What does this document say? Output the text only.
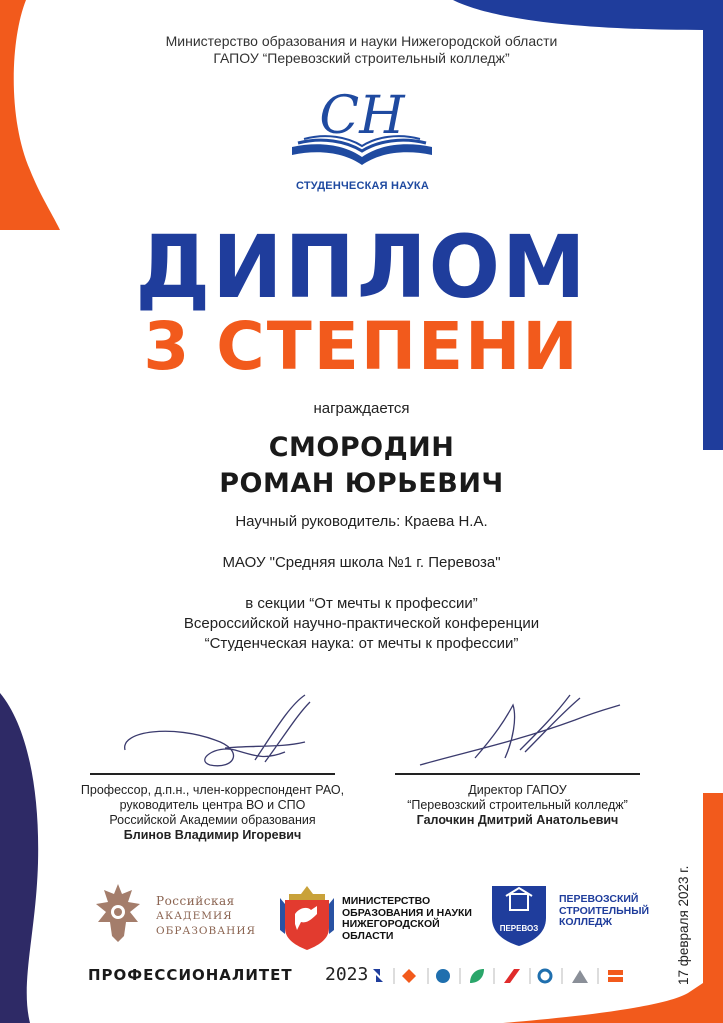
Министерство образования и науки Нижегородской области
ГАПОУ “Перевозский строительный колледж”
СН
СТУДЕНЧЕСКАЯ НАУКА
ДИПЛОМ
3 СТЕПЕНИ
награждается
СМОРОДИН
РОМАН ЮРЬЕВИЧ
Научный руководитель: Краева Н.А.
МАОУ "Средняя школа №1 г. Перевоза"
в секции “От мечты к профессии”
Всероссийской научно-практической конференции
“Студенческая наука: от мечты к профессии”
Профессор, д.п.н., член-корреспондент РАО,
руководитель центра ВО и СПО
Российской Академии образования
Блинов Владимир Игоревич
Директор ГАПОУ
“Перевозский строительный колледж”
Галочкин Дмитрий Анатольевич
Российская
АКАДЕМИЯ
ОБРАЗОВАНИЯ
МИНИСТЕРСТВО
ОБРАЗОВАНИЯ И НАУКИ
НИЖЕГОРОДСКОЙ ОБЛАСТИ
ПЕРЕВОЗ
ПЕРЕВОЗСКИЙ
СТРОИТЕЛЬНЫЙ
КОЛЛЕДЖ
ПРОФЕССИОНАЛИТЕТ 2023	17 февраля 2023 г.
